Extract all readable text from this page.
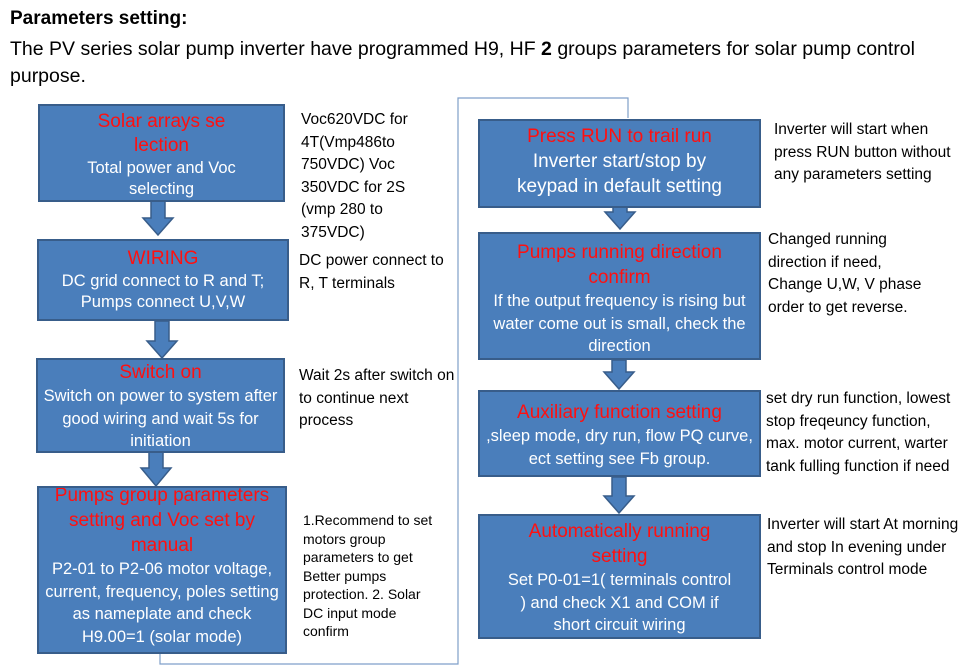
Parameters setting:
The PV series solar pump inverter have programmed H9, HF 2 groups parameters for solar pump control purpose.
Solar arrays se lection
Total power and Voc selecting
Voc620VDC for 4T(Vmp486to 750VDC) Voc 350VDC for 2S (vmp 280 to 375VDC)
WIRING
DC grid connect to R and T; Pumps connect U,V,W
DC power connect to R, T terminals
Switch on
Switch on power to system after good wiring and wait 5s for initiation
Wait 2s after switch on to continue next process
Pumps group parameters setting and Voc set by manual
P2-01 to P2-06 motor voltage, current, frequency, poles setting as nameplate and check H9.00=1 (solar mode)
1.Recommend to set motors group parameters to get Better pumps protection. 2. Solar DC input mode confirm
Press RUN to trail run
Inverter start/stop by keypad in default setting
Inverter will start when press RUN button without any parameters setting
Pumps running direction confirm
If the output frequency is rising but water come out is small, check the direction
Changed running direction if need, Change U,W, V phase order to get reverse.
Auxiliary function setting
,sleep mode, dry run, flow PQ curve, ect setting see Fb group.
set dry run function, lowest stop freqeuncy function, max. motor current, warter tank fulling function if need
Automatically running setting
Set P0-01=1( terminals control ) and check X1 and COM if short circuit wiring
Inverter will start At morning and stop In evening under Terminals control mode
